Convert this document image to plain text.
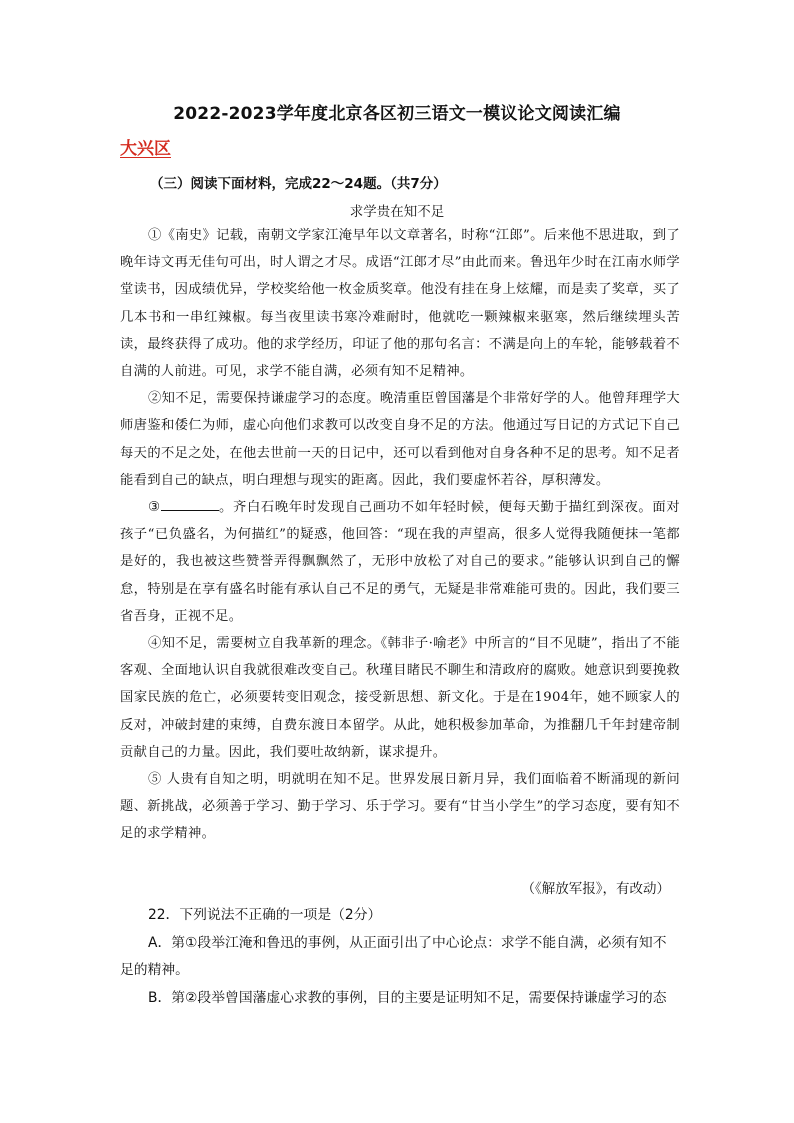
2022-2023学年度北京各区初三语文一模议论文阅读汇编
大兴区
（三）阅读下面材料，完成22～24题。（共7分）
求学贵在知不足

①《南史》记载，南朝文学家江淹早年以文章著名，时称“江郎”。后来他不思进取，到了晚年诗文再无佳句可出，时人谓之才尽。成语“江郎才尽”由此而来。鲁迅年少时在江南水师学堂读书，因成绩优异，学校奖给他一枚金质奖章。他没有挂在身上炫耀，而是卖了奖章，买了几本书和一串红辣椒。每当夜里读书寒冷难耐时，他就吃一颗辣椒来驱寒，然后继续埋头苦读，最终获得了成功。他的求学经历，印证了他的那句名言：不满是向上的车轮，能够载着不自满的人前进。可见，求学不能自满，必须有知不足精神。

②知不足，需要保持谦虚学习的态度。晚清重臣曾国藩是个非常好学的人。他曾拜理学大师唐鉴和倭仁为师，虚心向他们求教可以改变自身不足的方法。他通过写日记的方式记下自己每天的不足之处，在他去世前一天的日记中，还可以看到他对自身各种不足的思考。知不足者能看到自己的缺点，明白理想与现实的距离。因此，我们要虚怀若谷，厚积薄发。

③	。齐白石晚年时发现自己画功不如年轻时候，便每天勤于描红到深夜。面对孩子“已负盛名，为何描红”的疑惑，他回答：“现在我的声望高，很多人觉得我随便抹一笔都是好的，我也被这些赞誉弄得飘飘然了，无形中放松了对自己的要求。”能够认识到自己的懈怠，特别是在享有盛名时能有承认自己不足的勇气，无疑是非常难能可贵的。因此，我们要三省吾身，正视不足。

④知不足，需要树立自我革新的理念。《韩非子·喻老》中所言的“目不见睫”，指出了不能客观、全面地认识自我就很难改变自己。秋瑾目睹民不聊生和清政府的腐败。她意识到要挽救国家民族的危亡，必须要转变旧观念，接受新思想、新文化。于是在1904年，她不顾家人的反对，冲破封建的束缚，自费东渡日本留学。从此，她积极参加革命，为推翻几千年封建帝制贡献自己的力量。因此，我们要吐故纳新，谋求提升。

⑤ 人贵有自知之明，明就明在知不足。世界发展日新月异，我们面临着不断涌现的新问题、新挑战，必须善于学习、勤于学习、乐于学习。要有“甘当小学生”的学习态度，要有知不足的求学精神。

（《解放军报》，有改动）

22．下列说法不正确的一项是（2分）

A．第①段举江淹和鲁迅的事例，从正面引出了中心论点：求学不能自满，必须有知不足的精神。

B．第②段举曾国藩虚心求教的事例，目的主要是证明知不足，需要保持谦虚学习的态
